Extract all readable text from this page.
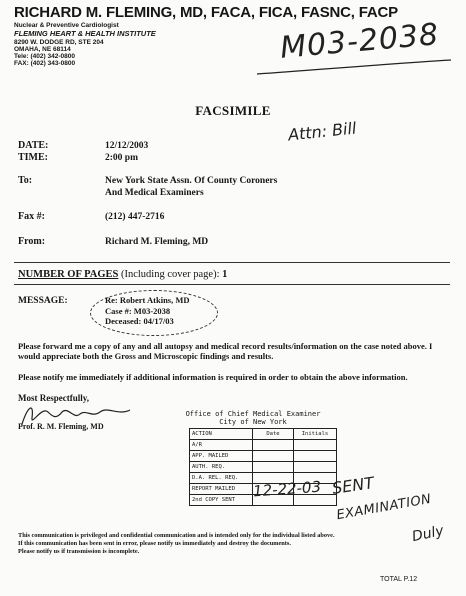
RICHARD M. FLEMING, MD, FACA, FICA, FASNC, FACP
Nuclear & Preventive Cardiologist
FLEMING HEART & HEALTH INSTITUTE
8290 W. DODGE RD, STE 204
OMAHA, NE 68114
Tele: (402) 342-0800
FAX: (402) 343-0800	M03-2038
FACSIMILE
Attn: Bill
DATE:	12/12/2003
TIME:	2:00 pm
To:	New York State Assn. Of County Coroners
And Medical Examiners
Fax #:	(212) 447-2716
From:	Richard M. Fleming, MD
NUMBER OF PAGES (Including cover page): 1
MESSAGE:	Re: Robert Atkins, MD
Case #: M03-2038
Deceased: 04/17/03
Please forward me a copy of any and all autopsy and medical record results/information on the case noted above. I would appreciate both the Gross and Microscopic findings and results.
Please notify me immediately if additional information is required in order to obtain the above information.
Most Respectfully,
Prof. R. M. Fleming, MD
Office of Chief Medical Examiner
City of New York
ACTION	Date	Initials
A/R		
APP. MAILED		
AUTH. REQ.		
D.A. REL. REQ.		
REPORT MAILED		
2nd COPY SENT		12-22-03 SENT
EXAMINATION
Duly
This communication is privileged and confidential communication and is intended only for the individual listed above.
If this communication has been sent in error, please notify us immediately and destroy the documents.
Please notify us if transmission is incomplete.
TOTAL P.12
